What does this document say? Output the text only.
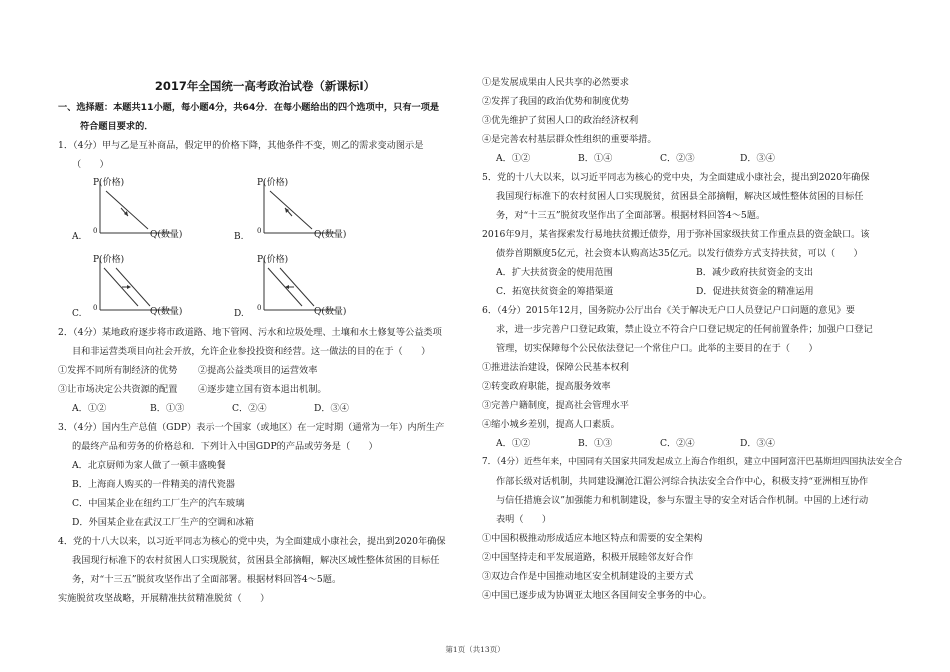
2017年全国统一高考政治试卷（新课标Ⅰ）
一、选择题：本题共11小题，每小题4分，共64分．在每小题给出的四个选项中，只有一项是
符合题目要求的．
1．（4分）甲与乙是互补商品，假定甲的价格下降，其他条件不变，则乙的需求变动图示是
（　　）
P(价格)
Q(数量)
0
A.
P(价格)
Q(数量)
0
B.
P(价格)
Q(数量)
0
C.
P(价格)
Q(数量)
0
D.
2．（4分）某地政府逐步将市政道路、地下管网、污水和垃圾处理、土壤和水土修复等公益类项
目和非运营类项目向社会开放，允许企业参投投资和经营。这一做法的目的在于（　　）
①发挥不同所有制经济的优势 ②提高公益类项目的运营效率
③让市场决定公共资源的配置 ④逐步建立国有资本退出机制。
A．①②	B．①③	C．②④	D．③④
3．（4分）国内生产总值（GDP）表示一个国家（或地区）在一定时期（通常为一年）内所生产
的最终产品和劳务的价格总和．下列计入中国GDP的产品或劳务是（　　）
A．北京厨师为家人做了一顿丰盛晚餐
B．上海商人购买的一件精美的清代瓷器
C．中国某企业在纽约工厂生产的汽车玻璃
D．外国某企业在武汉工厂生产的空调和冰箱
4．党的十八大以来，以习近平同志为核心的党中央，为全面建成小康社会，提出到2020年确保
我国现行标准下的农村贫困人口实现脱贫，贫困县全部摘帽，解决区域性整体贫困的目标任
务，对“十三五”脱贫攻坚作出了全面部署。根据材料回答4～5题。
实施脱贫攻坚战略，开展精准扶贫精准脱贫（　　）
①是发展成果由人民共享的必然要求
②发挥了我国的政治优势和制度优势
③优先维护了贫困人口的政治经济权利
④是完善农村基层群众性组织的重要举措。
A．①②	B．①④	C．②③	D．③④
5．党的十八大以来，以习近平同志为核心的党中央，为全面建成小康社会，提出到2020年确保
我国现行标准下的农村贫困人口实现脱贫，贫困县全部摘帽，解决区域性整体贫困的目标任
务，对“十三五”脱贫攻坚作出了全面部署。根据材料回答4～5题。
2016年9月，某省探索发行易地扶贫搬迁债券，用于弥补国家级扶贫工作重点县的资金缺口。该
债券首期额度5亿元，社会资本认购高达35亿元。以发行债券方式支持扶贫，可以（　　）
A．扩大扶贫资金的使用范围	B．减少政府扶贫资金的支出
C．拓宽扶贫资金的筹措渠道	D．促进扶贫资金的精准运用
6．（4分）2015年12月，国务院办公厅出台《关于解决无户口人员登记户口问题的意见》要
求，进一步完善户口登记政策，禁止设立不符合户口登记规定的任何前置条件；加强户口登记
管理，切实保障每个公民依法登记一个常住户口。此举的主要目的在于（　　）
①推进法治建设，保障公民基本权利
②转变政府职能，提高服务效率
③完善户籍制度，提高社会管理水平
④缩小城乡差别，提高人口素质。
A．①②	B．①③	C．②④	D．③④
7．（4分）近些年来，中国同有关国家共同发起成立上海合作组织，建立中国阿富汗巴基斯坦四国执法安全合
作部长级对话机制，共同建设澜沧江湄公河综合执法安全合作中心，积极支持“亚洲相互协作
与信任措施会议”加强能力和机制建设，参与东盟主导的安全对话合作机制。中国的上述行动
表明（　　）
①中国积极推动形成适应本地区特点和需要的安全架构
②中国坚持走和平发展道路，积极开展睦邻友好合作
③双边合作是中国推动地区安全机制建设的主要方式
④中国已逐步成为协调亚太地区各国间安全事务的中心。
第1页（共13页）
